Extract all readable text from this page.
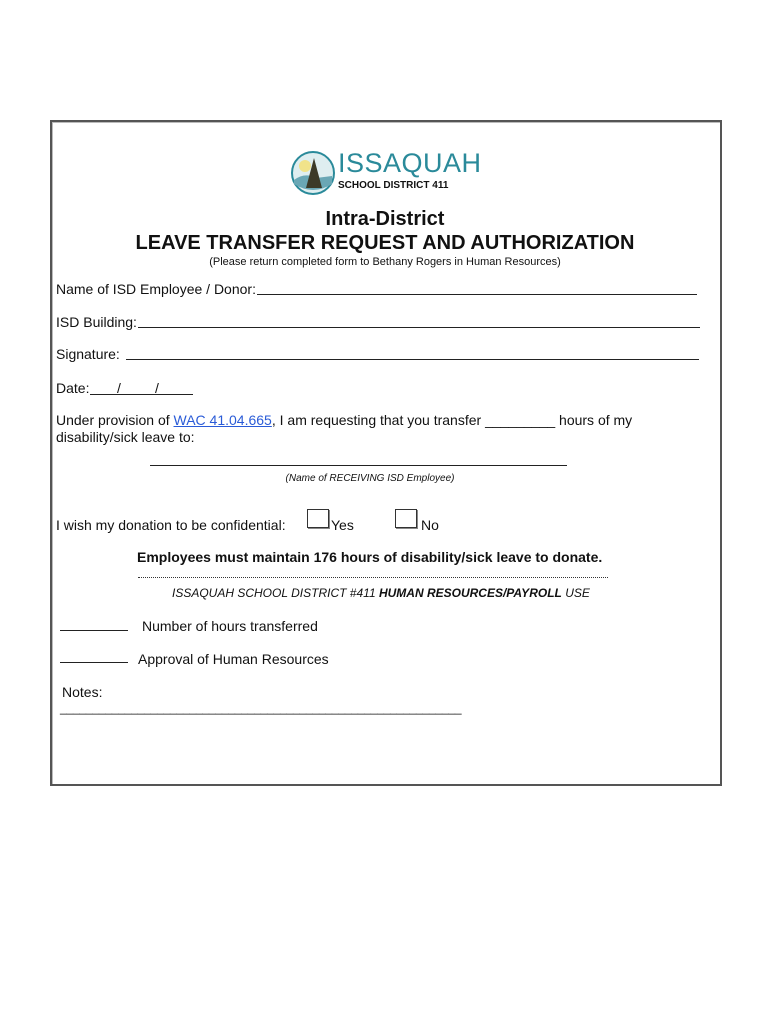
ISSAQUAH
SCHOOL DISTRICT 411
Intra-District
LEAVE TRANSFER REQUEST AND AUTHORIZATION
(Please return completed form to Bethany Rogers in Human Resources)
Name of ISD Employee / Donor:
ISD Building:
Signature:
Date: / /
Under provision of WAC 41.04.665, I am requesting that you transfer _________ hours of my
disability/sick leave to:
(Name of RECEIVING ISD Employee)
I wish my donation to be confidential:	Yes	No
Employees must maintain 176 hours of disability/sick leave to donate.
ISSAQUAH SCHOOL DISTRICT #411 HUMAN RESOURCES/PAYROLL USE
Number of hours transferred
Approval of Human Resources
Notes:
______________________________________________________________
